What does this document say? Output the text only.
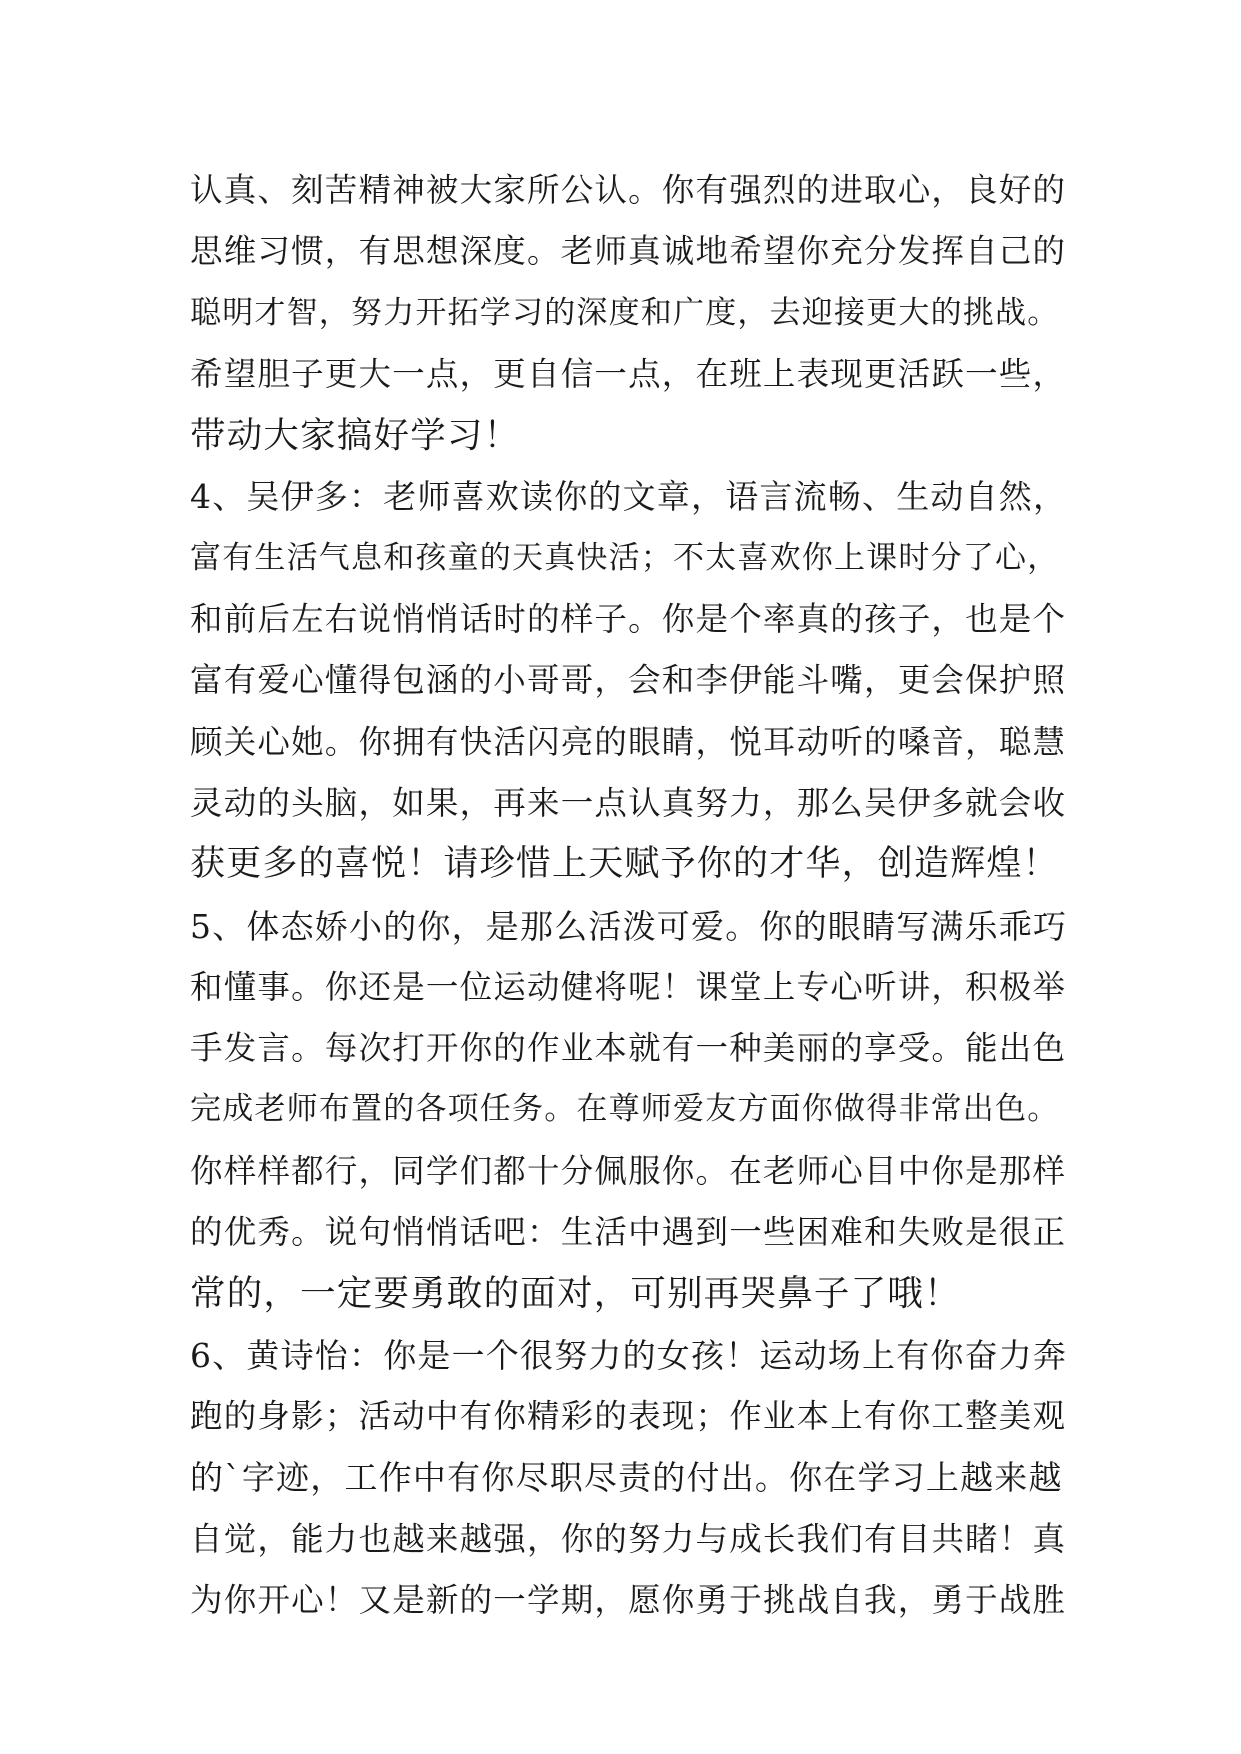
认真、刻苦精神被大家所公认。你有强烈的进取心，良好的
思维习惯，有思想深度。老师真诚地希望你充分发挥自己的
聪明才智，努力开拓学习的深度和广度，去迎接更大的挑战。
希望胆子更大一点，更自信一点，在班上表现更活跃一些，
带动大家搞好学习！
4、吴伊多：老师喜欢读你的文章，语言流畅、生动自然，
富有生活气息和孩童的天真快活；不太喜欢你上课时分了心，
和前后左右说悄悄话时的样子。你是个率真的孩子，也是个
富有爱心懂得包涵的小哥哥，会和李伊能斗嘴，更会保护照
顾关心她。你拥有快活闪亮的眼睛，悦耳动听的嗓音，聪慧
灵动的头脑，如果，再来一点认真努力，那么吴伊多就会收
获更多的喜悦！请珍惜上天赋予你的才华，创造辉煌！
5、体态娇小的你，是那么活泼可爱。你的眼睛写满乐乖巧
和懂事。你还是一位运动健将呢！课堂上专心听讲，积极举
手发言。每次打开你的作业本就有一种美丽的享受。能出色
完成老师布置的各项任务。在尊师爱友方面你做得非常出色。
你样样都行，同学们都十分佩服你。在老师心目中你是那样
的优秀。说句悄悄话吧：生活中遇到一些困难和失败是很正
常的，一定要勇敢的面对，可别再哭鼻子了哦！
6、黄诗怡：你是一个很努力的女孩！运动场上有你奋力奔
跑的身影；活动中有你精彩的表现；作业本上有你工整美观
的`字迹，工作中有你尽职尽责的付出。你在学习上越来越
自觉，能力也越来越强，你的努力与成长我们有目共睹！真
为你开心！又是新的一学期，愿你勇于挑战自我，勇于战胜
